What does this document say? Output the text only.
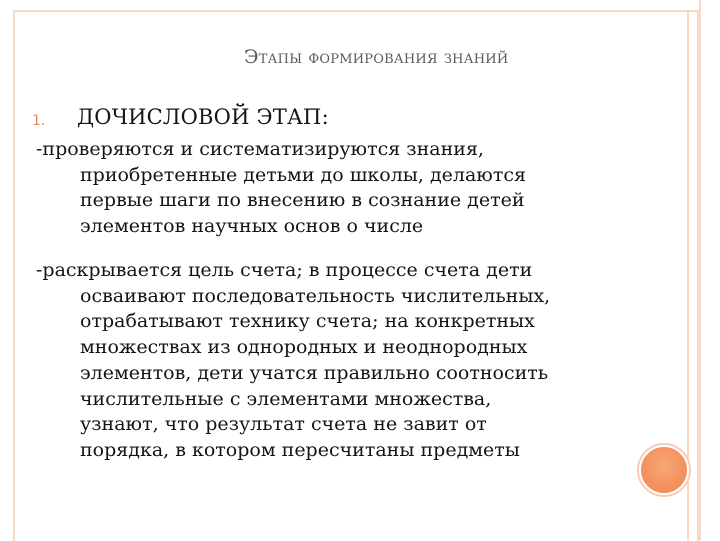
Этапы формирования знаний
1. ДОЧИСЛОВОЙ ЭТАП:
-проверяются и систематизируются знания,
приобретенные детьми до школы, делаются
первые шаги по внесению в сознание детей
элементов научных основ о числе
-раскрывается цель счета; в процессе счета дети
осваивают последовательность числительных,
отрабатывают технику счета; на конкретных
множествах из однородных и неоднородных
элементов, дети учатся правильно соотносить
числительные с элементами множества,
узнают, что результат счета не завит от
порядка, в котором пересчитаны предметы
